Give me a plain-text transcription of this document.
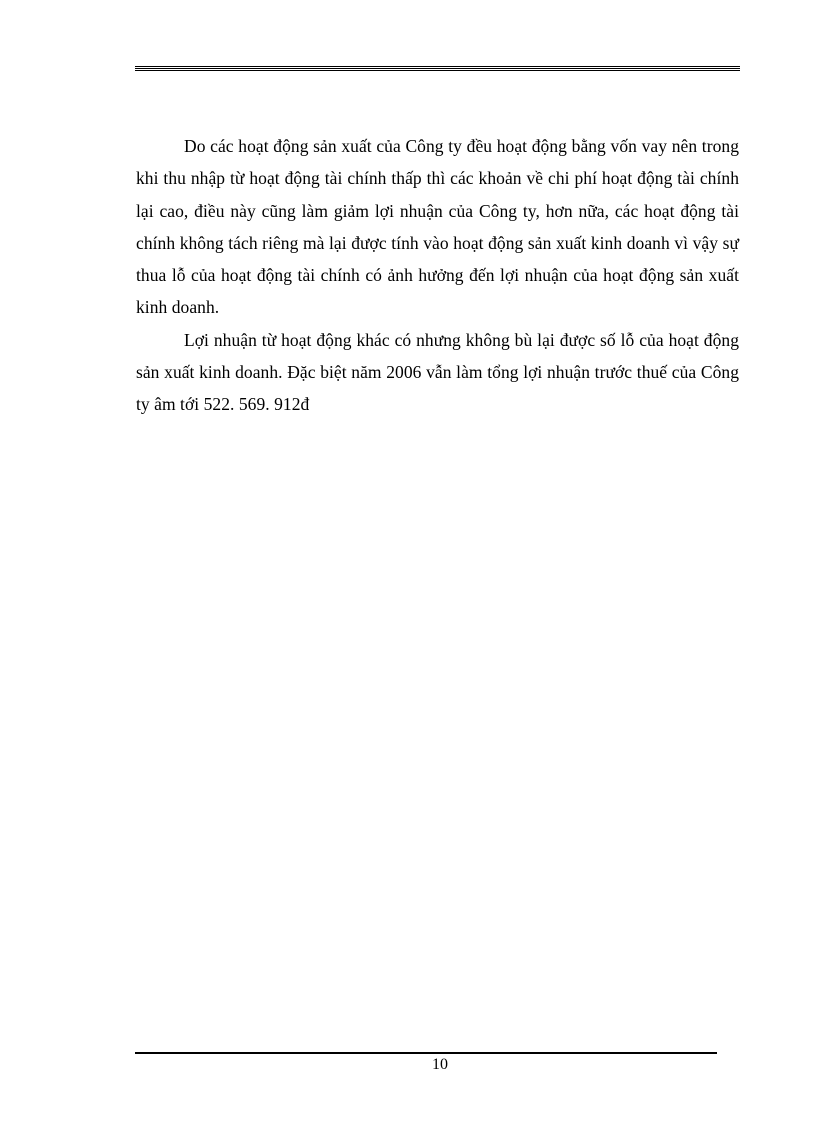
Do các hoạt động sản xuất của Công ty đều hoạt động bằng vốn vay nên trong khi thu nhập từ hoạt động tài chính thấp thì các khoản về chi phí hoạt động tài chính lại cao, điều này cũng làm giảm lợi nhuận của Công ty, hơn nữa, các hoạt động tài chính không tách riêng mà lại được tính vào hoạt động sản xuất kinh doanh vì vậy sự thua lỗ của hoạt động tài chính có ảnh hưởng đến lợi nhuận của hoạt động sản xuất kinh doanh.

Lợi nhuận từ hoạt động khác có nhưng không bù lại được số lỗ của hoạt động sản xuất kinh doanh. Đặc biệt năm 2006 vẫn làm tổng lợi nhuận trước thuế của Công ty âm tới 522. 569. 912đ

10
